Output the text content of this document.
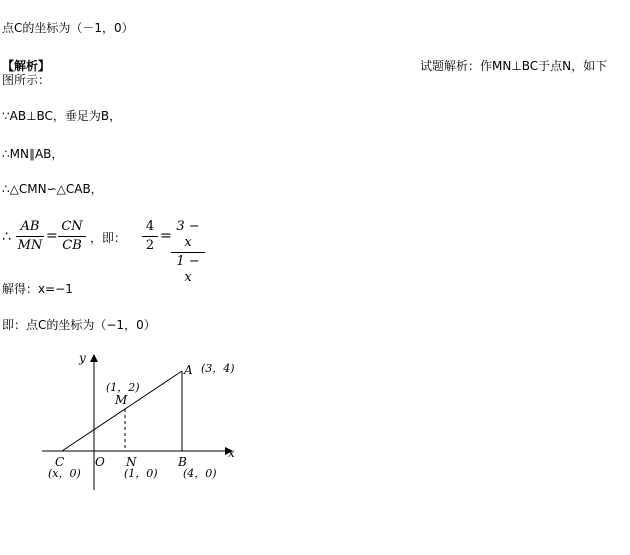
点C的坐标为（－1，0）
【解析】	试题解析：作MN⊥BC于点N，如下
图所示：
∵AB⊥BC，垂足为B，
∴MN∥AB，
∴△CMN∽△CAB，
∴
AB
MN
=
CN
CB ，即：
4
2
=
3 − x
1 − x
解得：x=−1
即：点C的坐标为（−1，0）
y
x
A (3，4)
(1，2)
M
C
(x，0)
O N
(1，0)
B
(4，0)
